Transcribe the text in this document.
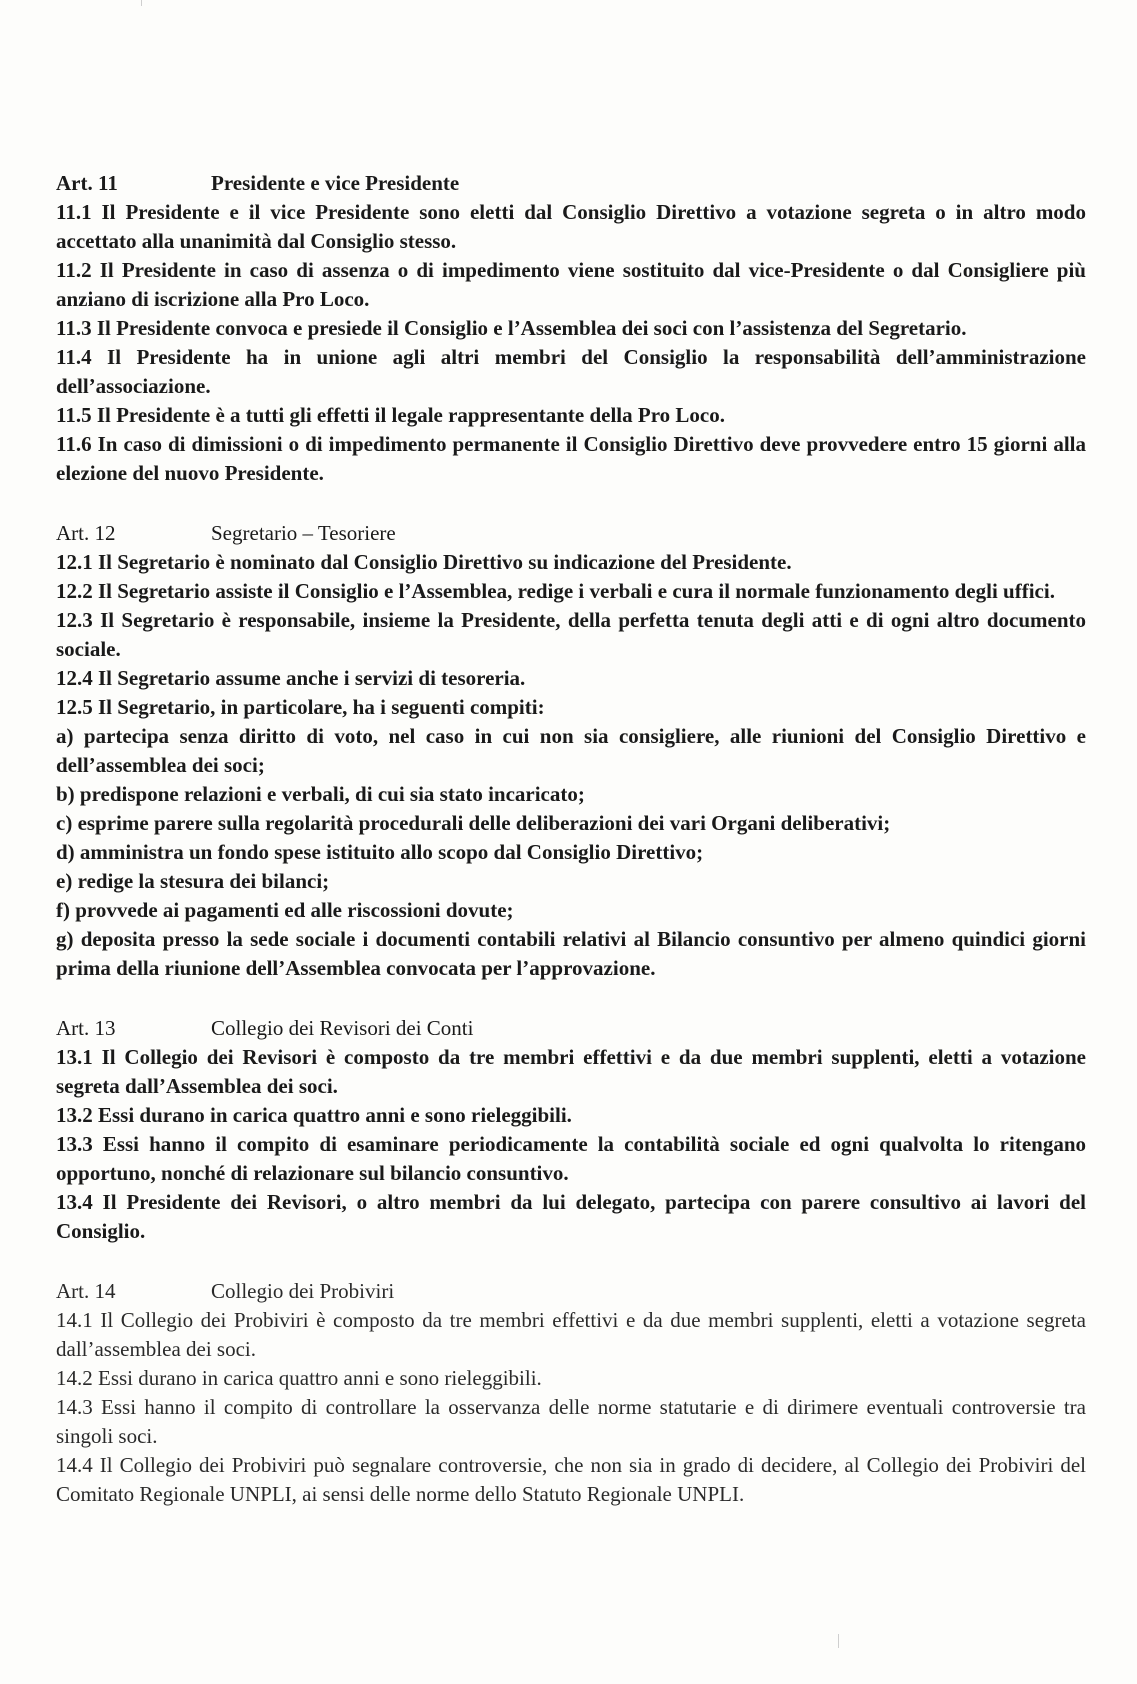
Art. 11	Presidente e vice Presidente

11.1 Il Presidente e il vice Presidente sono eletti dal Consiglio Direttivo a votazione segreta o in altro modo accettato alla unanimità dal Consiglio stesso.

11.2 Il Presidente in caso di assenza o di impedimento viene sostituito dal vice-Presidente o dal Consigliere più anziano di iscrizione alla Pro Loco.

11.3 Il Presidente convoca e presiede il Consiglio e l’Assemblea dei soci con l’assistenza del Segretario.

11.4 Il Presidente ha in unione agli altri membri del Consiglio la responsabilità dell’amministrazione dell’associazione.

11.5 Il Presidente è a tutti gli effetti il legale rappresentante della Pro Loco.

11.6 In caso di dimissioni o di impedimento permanente il Consiglio Direttivo deve provvedere entro 15 giorni alla elezione del nuovo Presidente.

Art. 12	Segretario – Tesoriere

12.1 Il Segretario è nominato dal Consiglio Direttivo su indicazione del Presidente.

12.2 Il Segretario assiste il Consiglio e l’Assemblea, redige i verbali e cura il normale funzionamento degli uffici.

12.3 Il Segretario è responsabile, insieme la Presidente, della perfetta tenuta degli atti e di ogni altro documento sociale.

12.4 Il Segretario assume anche i servizi di tesoreria.

12.5 Il Segretario, in particolare, ha i seguenti compiti:

a) partecipa senza diritto di voto, nel caso in cui non sia consigliere, alle riunioni del Consiglio Direttivo e dell’assemblea dei soci;

b) predispone relazioni e verbali, di cui sia stato incaricato;

c) esprime parere sulla regolarità procedurali delle deliberazioni dei vari Organi deliberativi;

d) amministra un fondo spese istituito allo scopo dal Consiglio Direttivo;

e) redige la stesura dei bilanci;

f) provvede ai pagamenti ed alle riscossioni dovute;

g) deposita presso la sede sociale i documenti contabili relativi al Bilancio consuntivo per almeno quindici giorni prima della riunione dell’Assemblea convocata per l’approvazione.

Art. 13	Collegio dei Revisori dei Conti

13.1 Il Collegio dei Revisori è composto da tre membri effettivi e da due membri supplenti, eletti a votazione segreta dall’Assemblea dei soci.

13.2 Essi durano in carica quattro anni e sono rieleggibili.

13.3 Essi hanno il compito di esaminare periodicamente la contabilità sociale ed ogni qualvolta lo ritengano opportuno, nonché di relazionare sul bilancio consuntivo.

13.4 Il Presidente dei Revisori, o altro membri da lui delegato, partecipa con parere consultivo ai lavori del Consiglio.

Art. 14	Collegio dei Probiviri

14.1 Il Collegio dei Probiviri è composto da tre membri effettivi e da due membri supplenti, eletti a votazione segreta dall’assemblea dei soci.

14.2 Essi durano in carica quattro anni e sono rieleggibili.

14.3 Essi hanno il compito di controllare la osservanza delle norme statutarie e di dirimere eventuali controversie tra singoli soci.

14.4 Il Collegio dei Probiviri può segnalare controversie, che non sia in grado di decidere, al Collegio dei Probiviri del Comitato Regionale UNPLI, ai sensi delle norme dello Statuto Regionale UNPLI.
